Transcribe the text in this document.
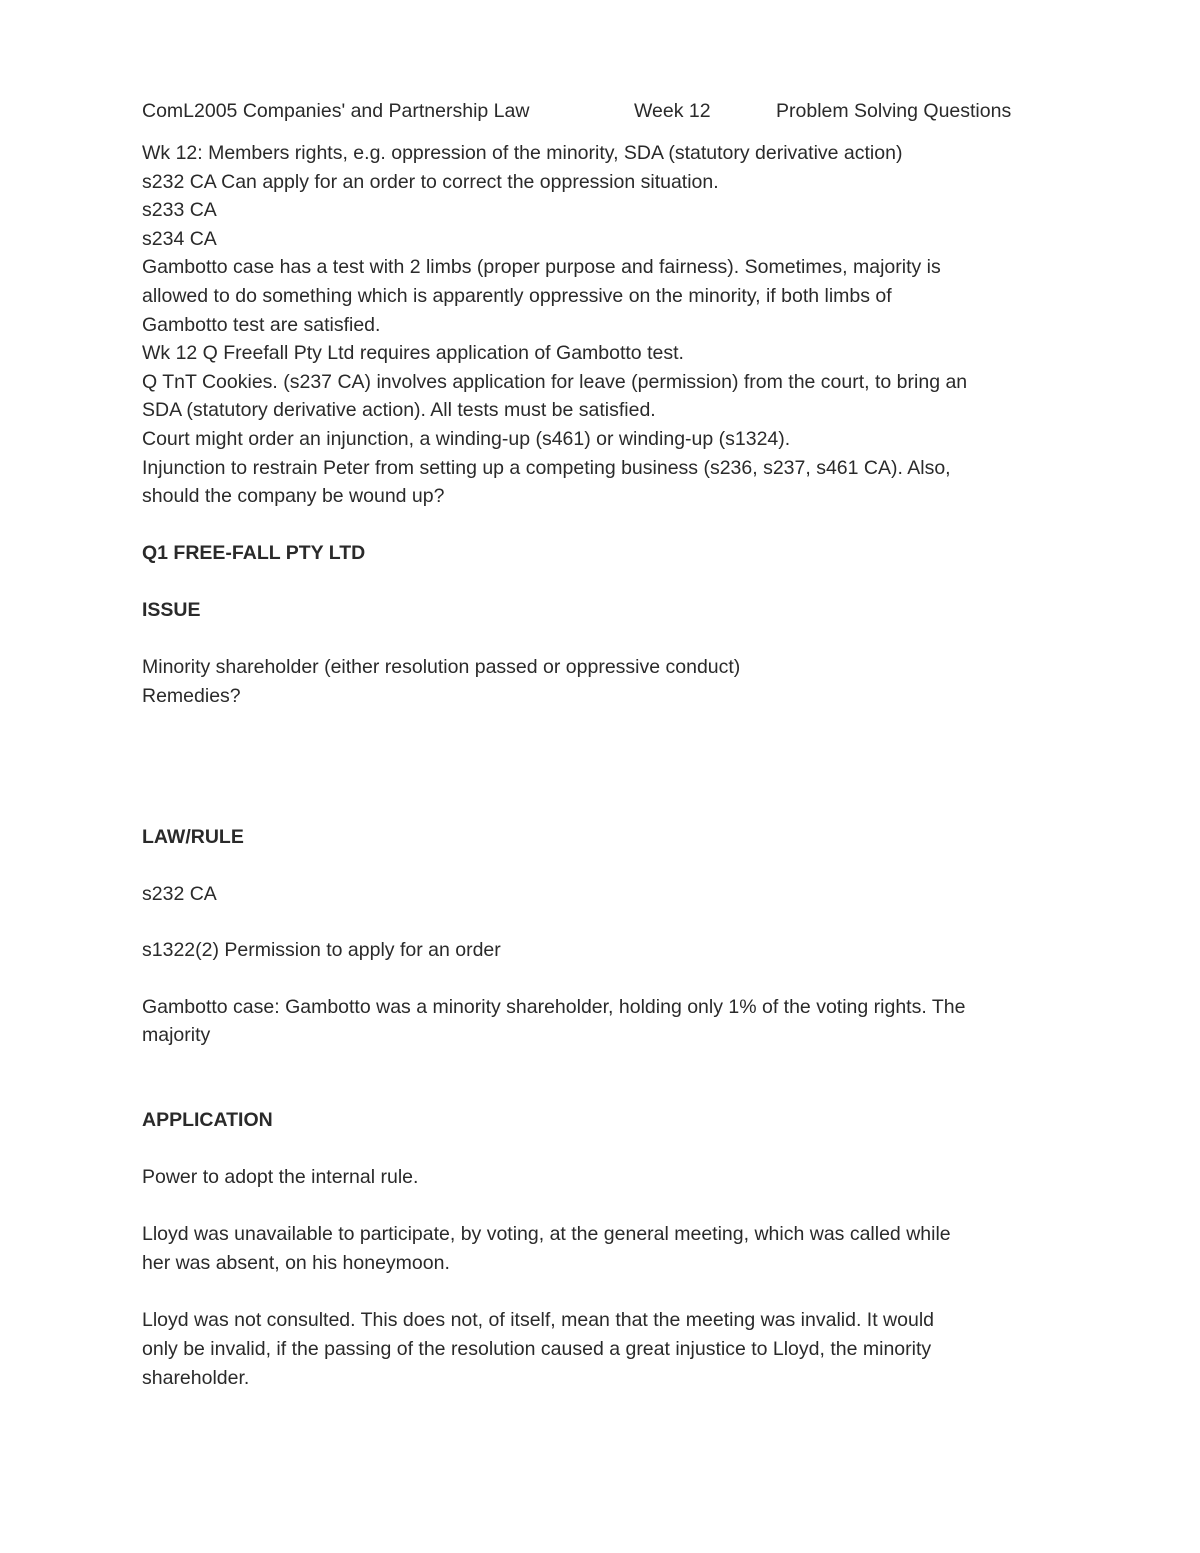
ComL2005 Companies' and Partnership Law	Week 12	Problem Solving Questions
Wk 12: Members rights, e.g. oppression of the minority, SDA (statutory derivative action)
s232 CA Can apply for an order to correct the oppression situation.
s233 CA
s234 CA
Gambotto case has a test with 2 limbs (proper purpose and fairness). Sometimes, majority is
allowed to do something which is apparently oppressive on the minority, if both limbs of
Gambotto test are satisfied.
Wk 12 Q Freefall Pty Ltd requires application of Gambotto test.
Q TnT Cookies. (s237 CA) involves application for leave (permission) from the court, to bring an
SDA (statutory derivative action). All tests must be satisfied.
Court might order an injunction, a winding-up (s461) or winding-up (s1324).
Injunction to restrain Peter from setting up a competing business (s236, s237, s461 CA). Also,
should the company be wound up?
Q1 FREE-FALL PTY LTD
ISSUE
Minority shareholder (either resolution passed or oppressive conduct)
Remedies?
LAW/RULE
s232 CA
s1322(2) Permission to apply for an order
Gambotto case: Gambotto was a minority shareholder, holding only 1% of the voting rights. The
majority
APPLICATION
Power to adopt the internal rule.
Lloyd was unavailable to participate, by voting, at the general meeting, which was called while
her was absent, on his honeymoon.
Lloyd was not consulted. This does not, of itself, mean that the meeting was invalid. It would
only be invalid, if the passing of the resolution caused a great injustice to Lloyd, the minority
shareholder.
